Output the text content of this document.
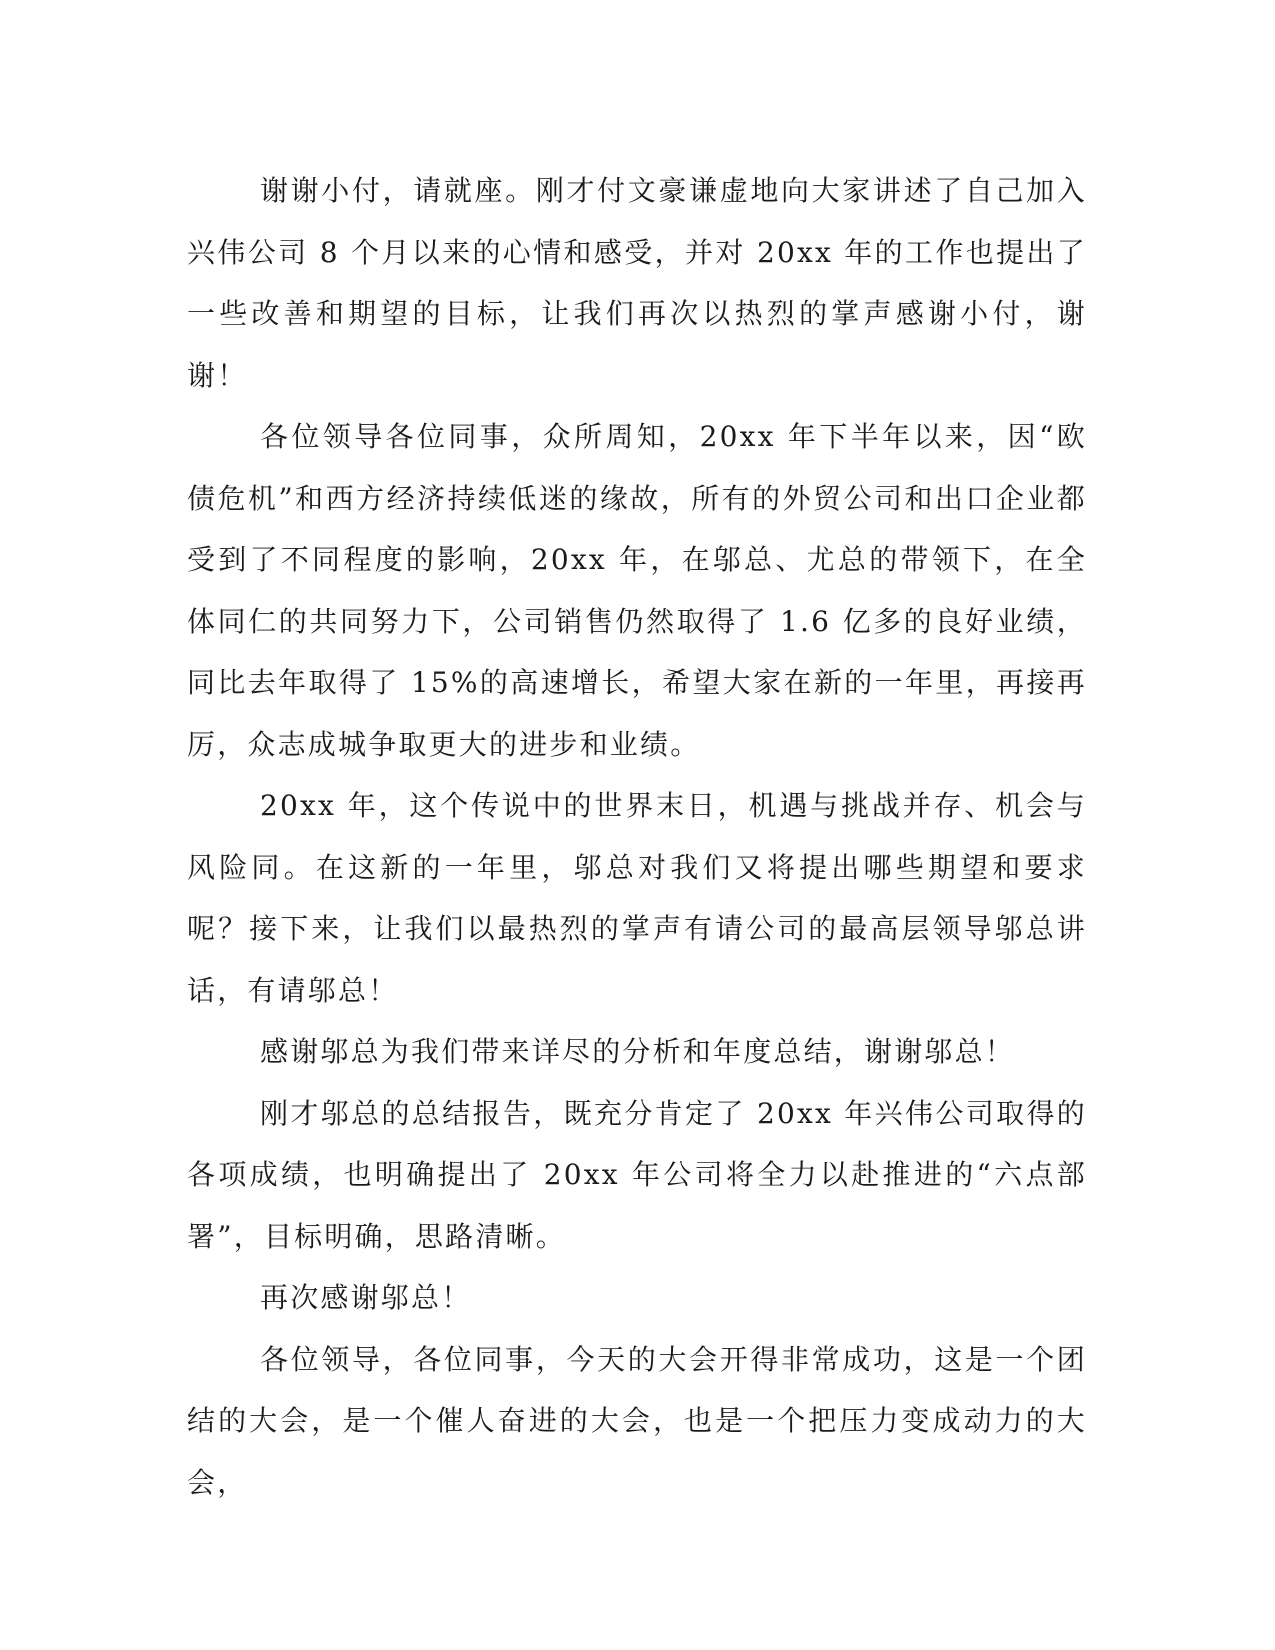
谢谢小付，请就座。刚才付文豪谦虚地向大家讲述了自己加入兴伟公司 8 个月以来的心情和感受，并对 20xx 年的工作也提出了一些改善和期望的目标，让我们再次以热烈的掌声感谢小付，谢谢！

各位领导各位同事，众所周知，20xx 年下半年以来，因“欧债危机”和西方经济持续低迷的缘故，所有的外贸公司和出口企业都受到了不同程度的影响，20xx 年，在邬总、尤总的带领下，在全体同仁的共同努力下，公司销售仍然取得了 1.6 亿多的良好业绩，同比去年取得了 15%的高速增长，希望大家在新的一年里，再接再厉，众志成城争取更大的进步和业绩。

20xx 年，这个传说中的世界末日，机遇与挑战并存、机会与风险同。在这新的一年里，邬总对我们又将提出哪些期望和要求呢？接下来，让我们以最热烈的掌声有请公司的最高层领导邬总讲话，有请邬总！

感谢邬总为我们带来详尽的分析和年度总结，谢谢邬总！

刚才邬总的总结报告，既充分肯定了 20xx 年兴伟公司取得的各项成绩，也明确提出了 20xx 年公司将全力以赴推进的“六点部署”，目标明确，思路清晰。

再次感谢邬总！

各位领导，各位同事，今天的大会开得非常成功，这是一个团结的大会，是一个催人奋进的大会，也是一个把压力变成动力的大会，
